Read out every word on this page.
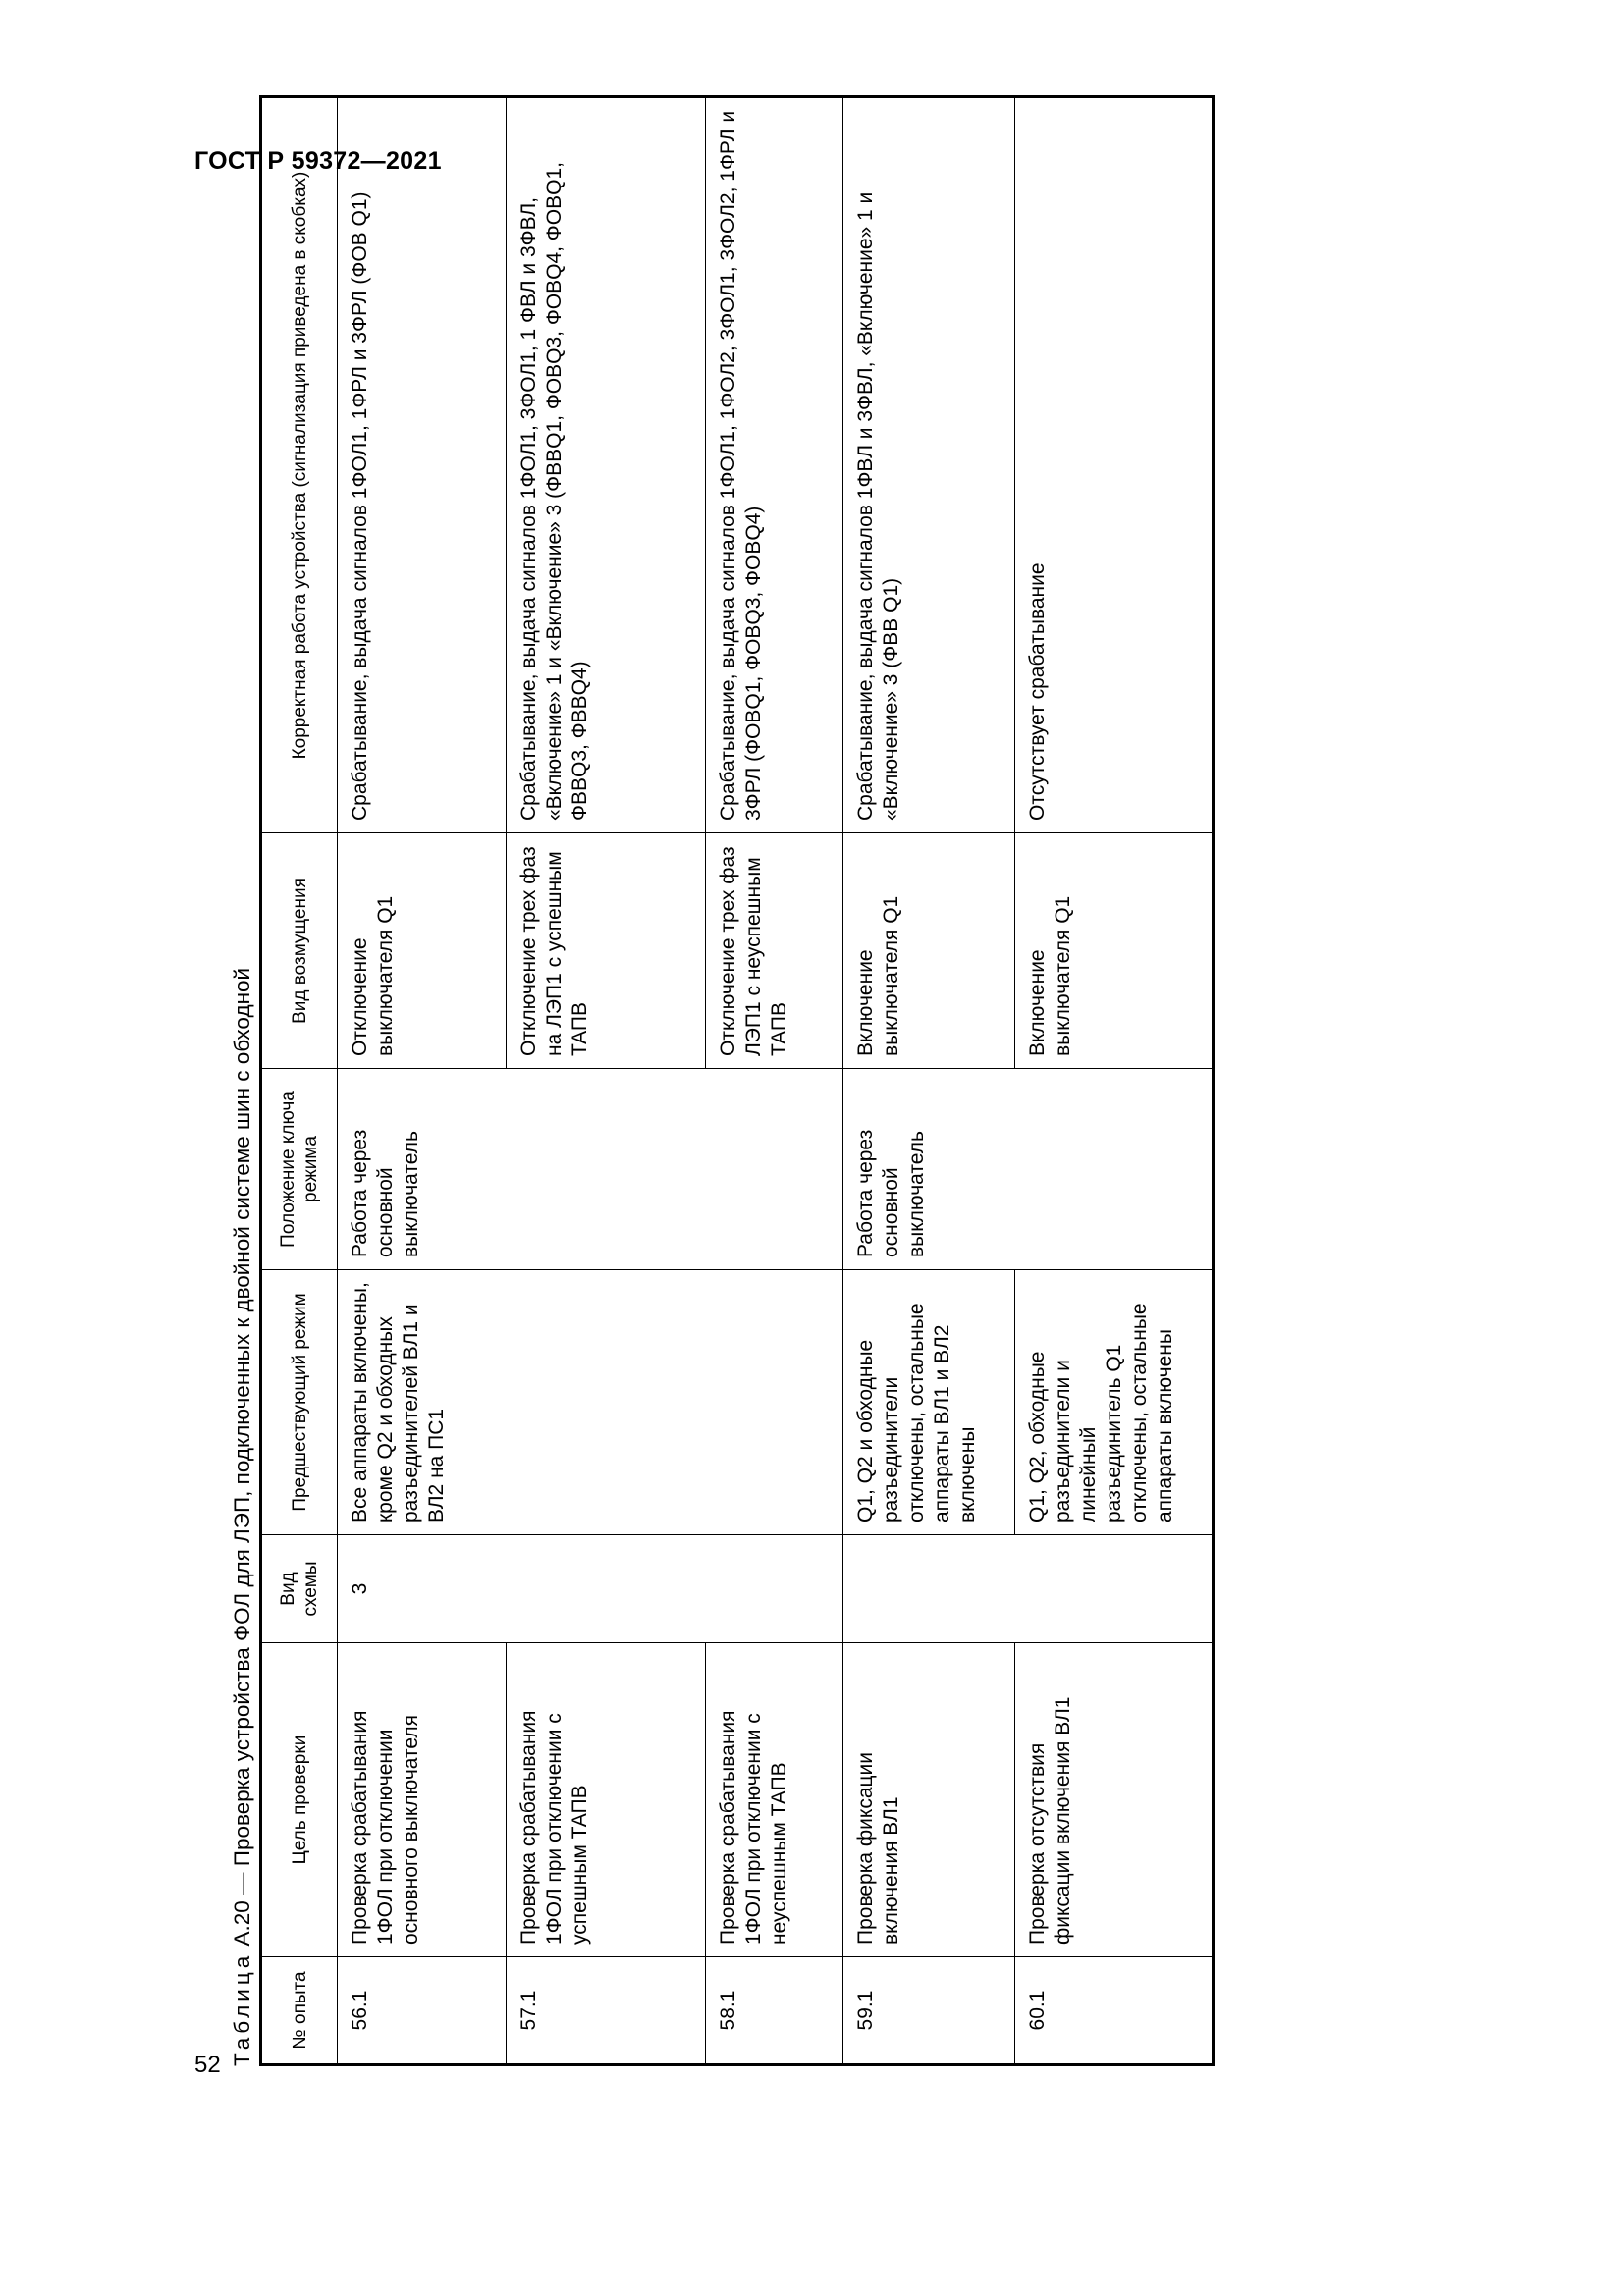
ГОСТ Р 59372—2021
52 Таблица А.20 — Проверка устройства ФОЛ для ЛЭП, подключенных к двойной системе шин с обходной
№ опыта	Цель проверки	Вид схемы	Предшествующий режим	Положение ключа режима	Вид возмущения	Корректная работа устройства (сигнализация приведена в скобках)
56.1	Проверка срабатывания 1ФОЛ при отключении основного выключателя	3	Все аппараты включены, кроме Q2 и обходных разъединителей ВЛ1 и ВЛ2 на ПС1	Работа через основной выключатель	Отключение выключателя Q1	Срабатывание, выдача сигналов 1ФОЛ1, 1ФРЛ и 3ФРЛ (ФОВ Q1)
57.1	Проверка срабатывания 1ФОЛ при отключении с успешным ТАПВ				Отключение трех фаз на ЛЭП1 с успешным ТАПВ	Срабатывание, выдача сигналов 1ФОЛ1, 3ФОЛ1, 1 ФВЛ и 3ФВЛ, «Включение» 1 и «Включение» 3 (ФВВQ1, ФОВQ3, ФОВQ4, ФОВQ1, ФВВQ3, ФВВQ4)
58.1	Проверка срабатывания 1ФОЛ при отключении с неуспешным ТАПВ				Отключение трех фаз ЛЭП1 с неуспешным ТАПВ	Срабатывание, выдача сигналов 1ФОЛ1, 1ФОЛ2, 3ФОЛ1, 3ФОЛ2, 1ФРЛ и 3ФРЛ (ФОВQ1, ФОВQ3, ФОВQ4)
59.1	Проверка фиксации включения ВЛ1		Q1, Q2 и обходные разъединители отключены, остальные аппараты ВЛ1 и ВЛ2 включены	Работа через основной выключатель	Включение выключателя Q1	Срабатывание, выдача сигналов 1ФВЛ и 3ФВЛ, «Включение» 1 и «Включение» 3 (ФВВ Q1)
60.1	Проверка отсутствия фиксации включения ВЛ1		Q1, Q2, обходные разъединители и линейный разъединитель Q1 отключены, остальные аппараты включены		Включение выключателя Q1	Отсутствует срабатывание
